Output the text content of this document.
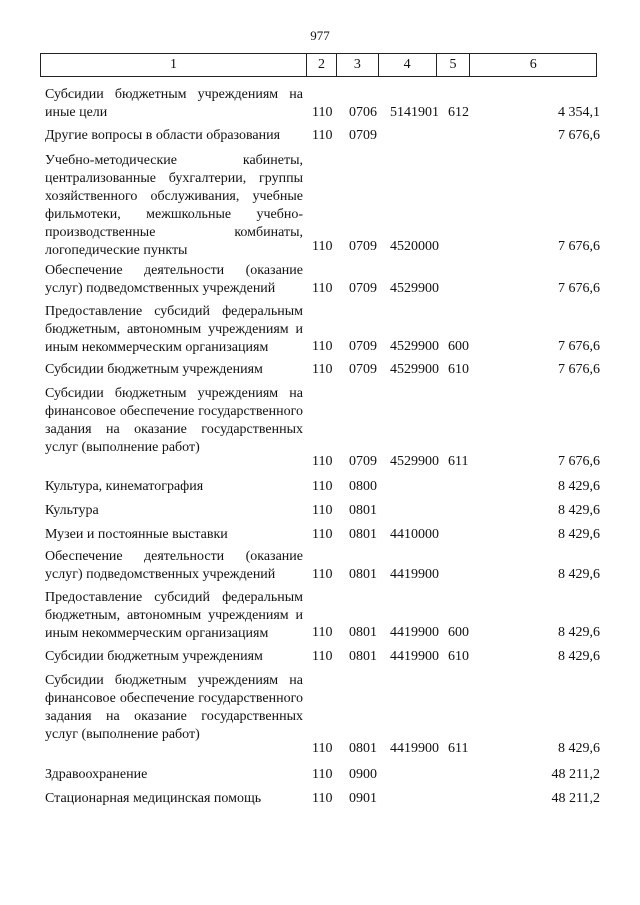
977
1	2	3	4	5	6
Субсидии бюджетным учреждениям на иные цели	110 0706 5141901 612	4 354,1
Другие вопросы в области образования	110 0709	7 676,6
Учебно-методические кабинеты, централизованные бухгалтерии, группы хозяйственного обслуживания, учебные фильмотеки, межшкольные учебно-производственные комбинаты, логопедические пункты	110 0709 4520000	7 676,6
Обеспечение деятельности (оказание услуг) подведомственных учреждений	110 0709 4529900	7 676,6
Предоставление субсидий федеральным бюджетным, автономным учреждениям и иным некоммерческим организациям	110 0709 4529900 600	7 676,6
Субсидии бюджетным учреждениям	110 0709 4529900 610	7 676,6
Субсидии бюджетным учреждениям на финансовое обеспечение государственного задания на оказание государственных услуг (выполнение работ)
110 0709 4529900 611	7 676,6
Культура, кинематография	110 0800	8 429,6
Культура	110 0801	8 429,6
Музеи и постоянные выставки	110 0801 4410000	8 429,6
Обеспечение деятельности (оказание услуг) подведомственных учреждений	110 0801 4419900	8 429,6
Предоставление субсидий федеральным бюджетным, автономным учреждениям и иным некоммерческим организациям	110 0801 4419900 600	8 429,6
Субсидии бюджетным учреждениям	110 0801 4419900 610	8 429,6
Субсидии бюджетным учреждениям на финансовое обеспечение государственного задания на оказание государственных услуг (выполнение работ)
110 0801 4419900 611	8 429,6
Здравоохранение	110 0900	48 211,2
Стационарная медицинская помощь	110 0901	48 211,2
